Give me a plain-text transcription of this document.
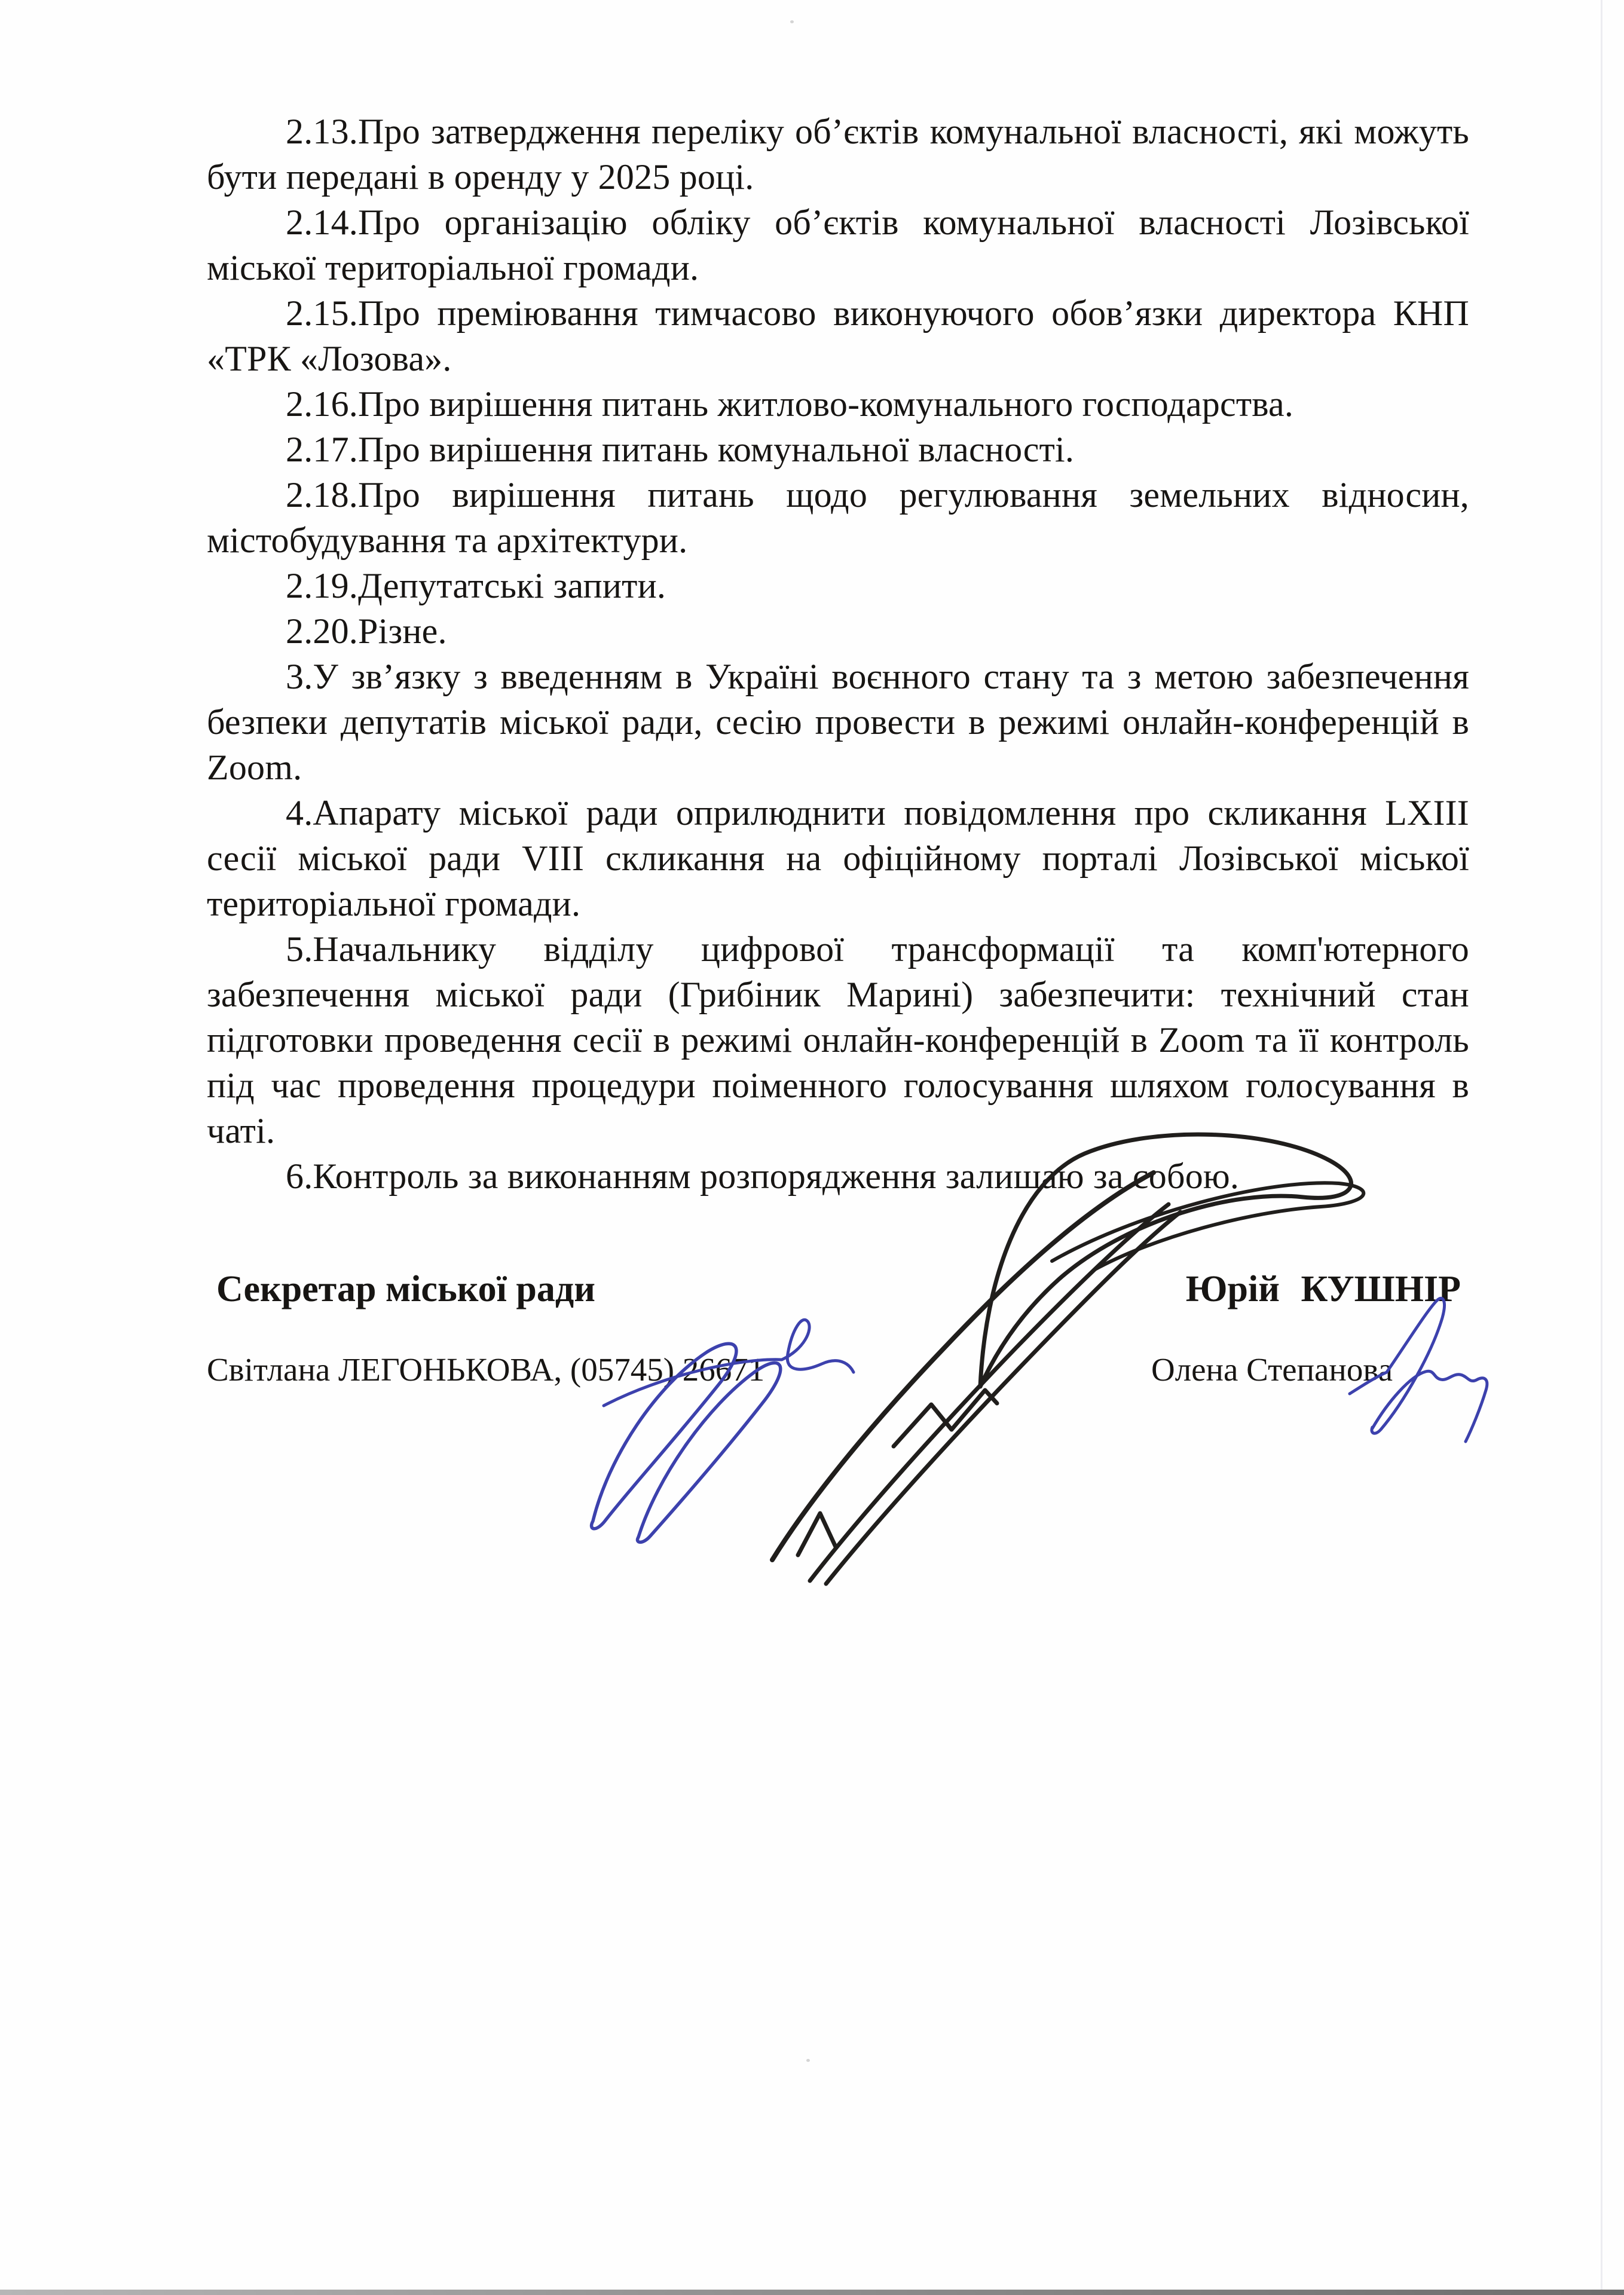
2.13.Про затвердження переліку об’єктів комунальної власності, які можуть бути передані в оренду у 2025 році.

2.14.Про організацію обліку об’єктів комунальної власності Лозівської міської територіальної громади.

2.15.Про преміювання тимчасово виконуючого обов’язки директора КНП «ТРК «Лозова».

2.16.Про вирішення питань житлово-комунального господарства.

2.17.Про вирішення питань комунальної власності.

2.18.Про вирішення питань щодо регулювання земельних відносин, містобудування та архітектури.

2.19.Депутатські запити.

2.20.Різне.

3.У зв’язку з введенням в Україні воєнного стану та з метою забезпечення безпеки депутатів міської ради, сесію провести в режимі онлайн-конференцій в Zoom.

4.Апарату міської ради оприлюднити повідомлення про скликання LXIII сесії міської ради VIII скликання на офіційному порталі Лозівської міської територіальної громади.

5.Начальнику відділу цифрової трансформації та комп'ютерного забезпечення міської ради (Грибіник Марині) забезпечити: технічний стан підготовки проведення сесії в режимі онлайн-конференцій в Zoom та її контроль під час проведення процедури поіменного голосування шляхом голосування в чаті.

6.Контроль за виконанням розпорядження залишаю за собою.

Секретар міської ради	Юрій КУШНІР
Світлана ЛЕГОНЬКОВА, (05745) 26671	Олена Степанова
